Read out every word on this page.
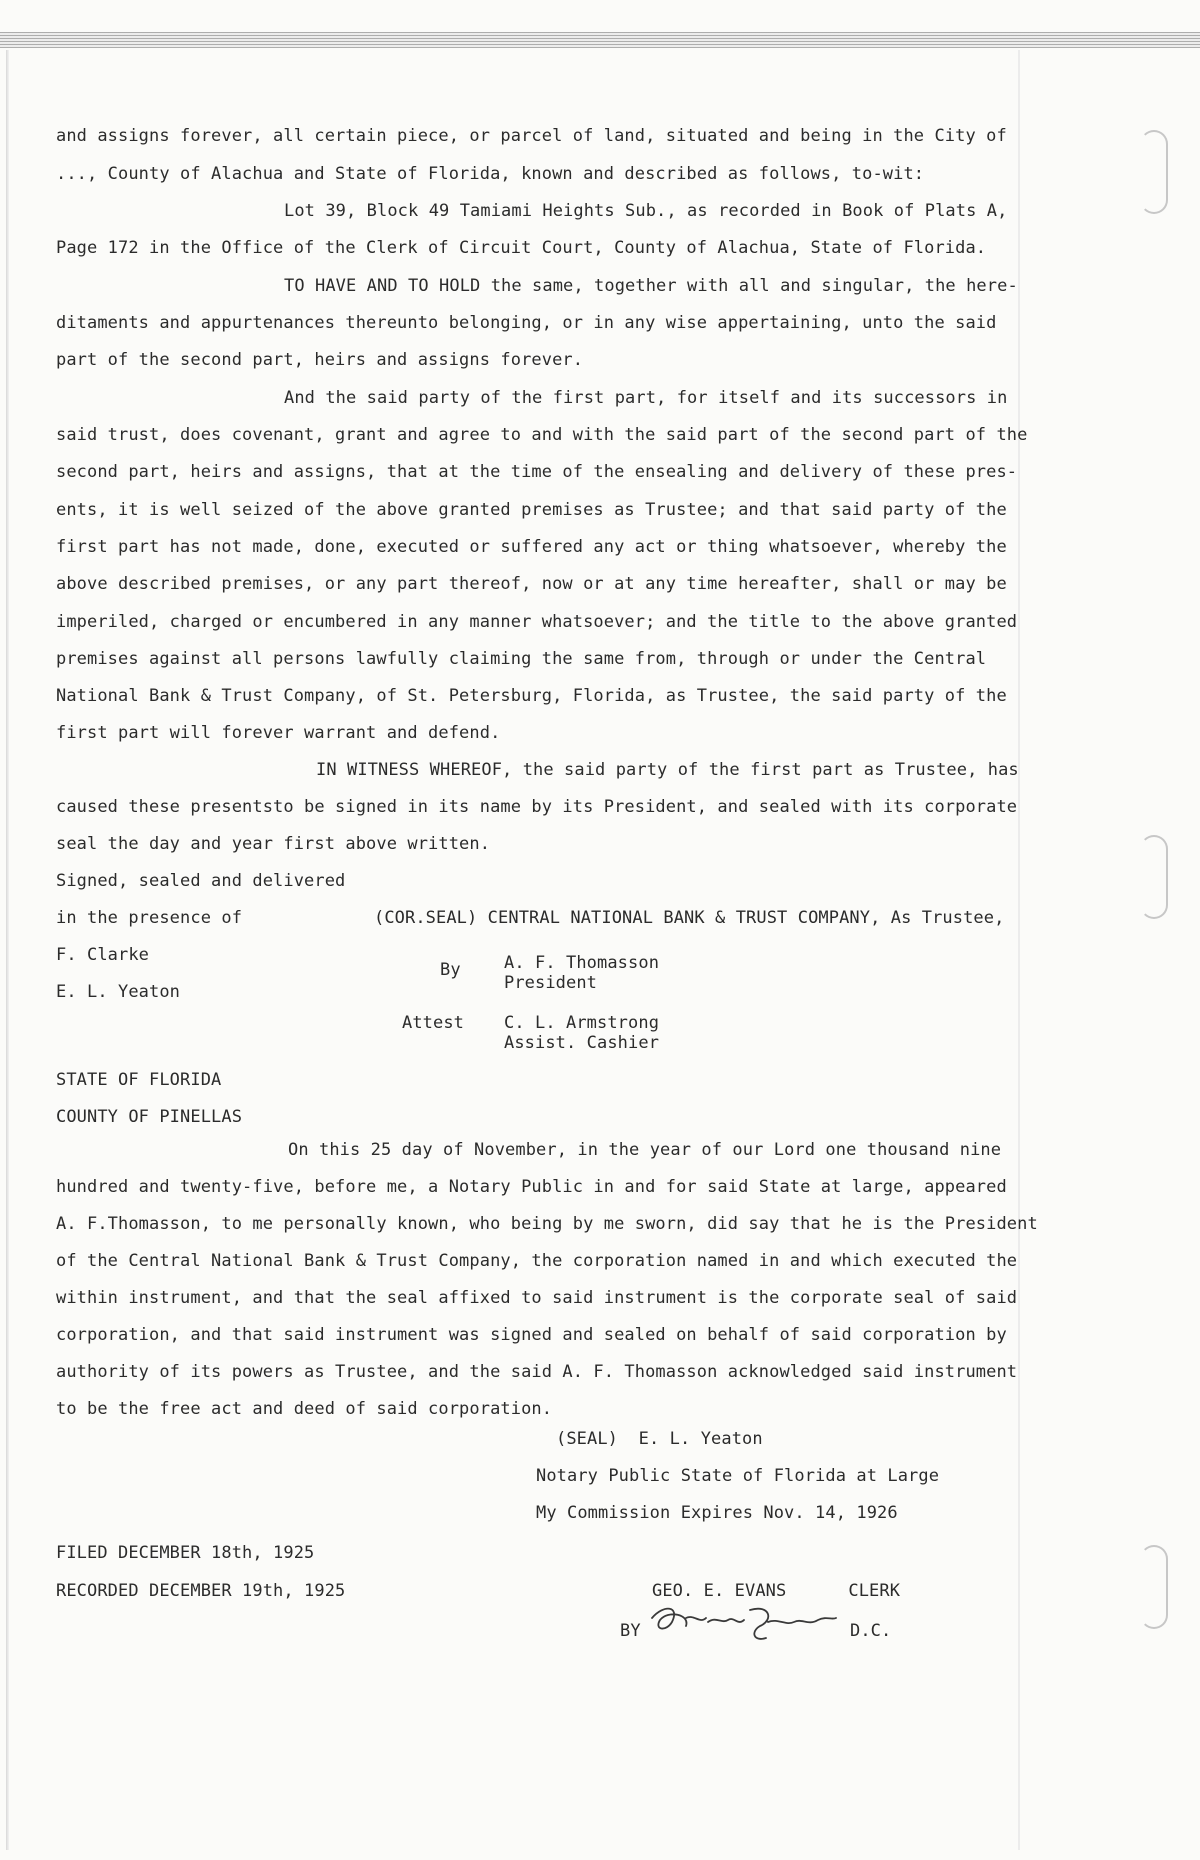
and assigns forever, all certain piece, or parcel of land, situated and being in the City of
..., County of Alachua and State of Florida, known and described as follows, to-wit:
Lot 39, Block 49 Tamiami Heights Sub., as recorded in Book of Plats A,
Page 172 in the Office of the Clerk of Circuit Court, County of Alachua, State of Florida.
TO HAVE AND TO HOLD the same, together with all and singular, the here-
ditaments and appurtenances thereunto belonging, or in any wise appertaining, unto the said
part of the second part, heirs and assigns forever.
And the said party of the first part, for itself and its successors in
said trust, does covenant, grant and agree to and with the said part of the second part of the
second part, heirs and assigns, that at the time of the ensealing and delivery of these pres-
ents, it is well seized of the above granted premises as Trustee; and that said party of the
first part has not made, done, executed or suffered any act or thing whatsoever, whereby the
above described premises, or any part thereof, now or at any time hereafter, shall or may be
imperiled, charged or encumbered in any manner whatsoever; and the title to the above granted
premises against all persons lawfully claiming the same from, through or under the Central
National Bank & Trust Company, of St. Petersburg, Florida, as Trustee, the said party of the
first part will forever warrant and defend.
IN WITNESS WHEREOF, the said party of the first part as Trustee, has
caused these presentsto be signed in its name by its President, and sealed with its corporate
seal the day and year first above written.
Signed, sealed and delivered
in the presence of	(COR.SEAL) CENTRAL NATIONAL BANK & TRUST COMPANY, As Trustee,
F. Clarke
By	A. F. Thomasson
President
E. L. Yeaton
Attest C. L. Armstrong
Assist. Cashier
STATE OF FLORIDA
COUNTY OF PINELLAS
On this 25 day of November, in the year of our Lord one thousand nine
hundred and twenty-five, before me, a Notary Public in and for said State at large, appeared
A. F.Thomasson, to me personally known, who being by me sworn, did say that he is the President
of the Central National Bank & Trust Company, the corporation named in and which executed the
within instrument, and that the seal affixed to said instrument is the corporate seal of said
corporation, and that said instrument was signed and sealed on behalf of said corporation by
authority of its powers as Trustee, and the said A. F. Thomasson acknowledged said instrument
to be the free act and deed of said corporation.
(SEAL)  E. L. Yeaton
Notary Public State of Florida at Large
My Commission Expires Nov. 14, 1926
FILED DECEMBER 18th, 1925
RECORDED DECEMBER 19th, 1925	GEO. E. EVANS      CLERK
BY	D.C.
